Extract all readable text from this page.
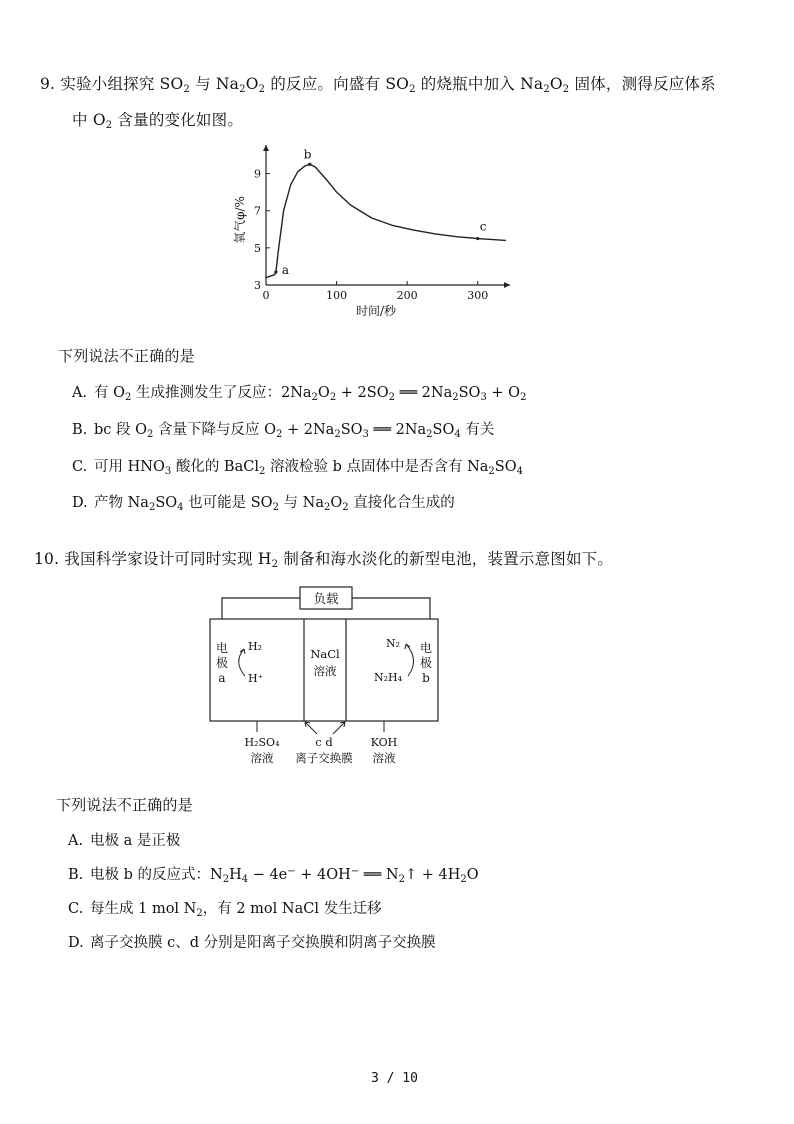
9. 实验小组探究 $SO_2$ 与 $Na_2O_2$ 的反应。向盛有 $SO_2$ 的烧瓶中加入 $Na_2O_2$ 固体，测得反应体系
中 $O_2$ 含量的变化如图。
0	100	200	300
3
5
7
9
时间/秒
氧气φ/%
a
b
c
下列说法不正确的是
A. 有 $O_2$ 生成推测发生了反应：$2Na_2O_2 + 2SO_2$ ══ $2Na_2SO_3 + O_2$
B. bc 段 $O_2$ 含量下降与反应 $O_2 + 2Na_2SO_3$ ══ $2Na_2SO_4$ 有关
C. 可用 $HNO_3$ 酸化的 BaCl$_2$ 溶液检验 b 点固体中是否含有 $Na_2SO_4$
D. 产物 $Na_2SO_4$ 也可能是 $SO_2$ 与 $Na_2O_2$ 直接化合生成的
10. 我国科学家设计可同时实现 $H_2$ 制备和海水淡化的新型电池，装置示意图如下。
负载
电
极
a
H₂
H⁺
NaCl
溶液
电
极
b
N₂
N₂H₄
H₂SO₄
溶液
c d
离子交换膜
KOH
溶液
下列说法不正确的是
A. 电极 a 是正极
B. 电极 b 的反应式：$N_2H_4 - 4e^- + 4OH^-$ ══ $N_2↑ + 4H_2O$
C. 每生成 1 mol $N_2$，有 2 mol NaCl 发生迁移
D. 离子交换膜 c、d 分别是阳离子交换膜和阴离子交换膜
3 / 10
